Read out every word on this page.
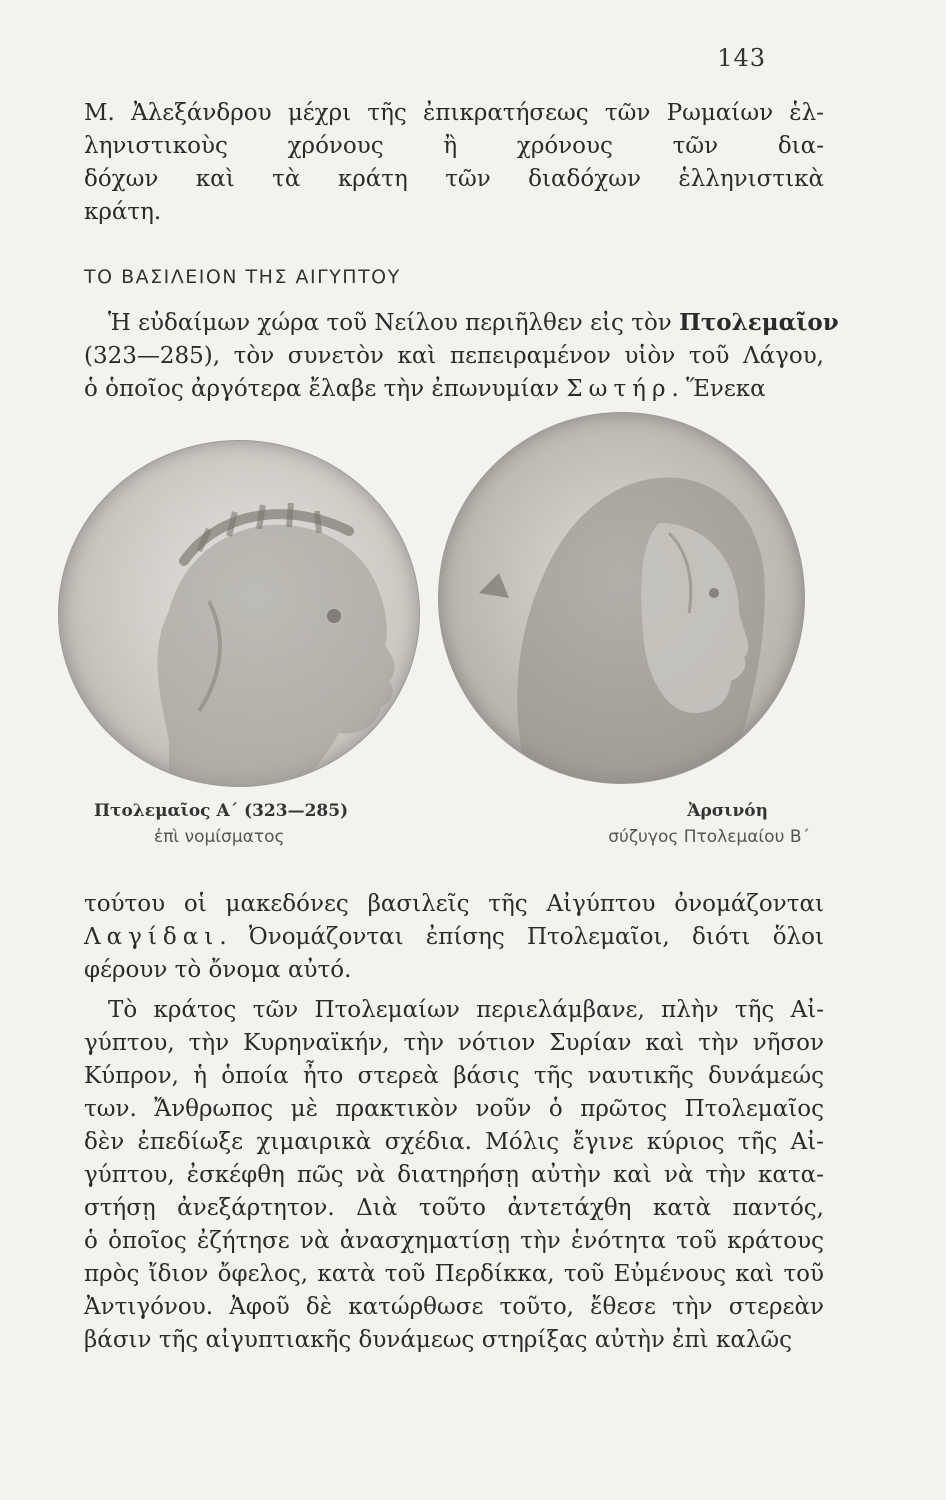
143
Μ. Ἀλεξάνδρου μέχρι τῆς ἐπικρατήσεως τῶν Ρωμαίων ἑλ-
ληνιστικοὺς χρόνους ἢ χρόνους τῶν δια-
δόχων καὶ τὰ κράτη τῶν διαδόχων ἑλληνιστικὰ
κράτη.
ΤΟ ΒΑΣΙΛΕΙΟΝ ΤΗΣ ΑΙΓΥΠΤΟΥ
Ἡ εὐδαίμων χώρα τοῦ Νείλου περιῆλθεν εἰς τὸν Πτολεμαῖον
(323—285), τὸν συνετὸν καὶ πεπειραμένον υἱὸν τοῦ Λάγου,
ὁ ὁποῖος ἀργότερα ἔλαβε τὴν ἐπωνυμίαν Σωτήρ. Ἕνεκα
Πτολεμαῖος Α΄ (323—285)
ἐπὶ νομίσματος
Ἀρσινόη
σύζυγος Πτολεμαίου Β΄
τούτου οἱ μακεδόνες βασιλεῖς τῆς Αἰγύπτου ὀνομάζονται
Λαγίδαι. Ὀνομάζονται ἐπίσης Πτολεμαῖοι, διότι ὅλοι
φέρουν τὸ ὄνομα αὐτό.
Τὸ κράτος τῶν Πτολεμαίων περιελάμβανε, πλὴν τῆς Αἰ-
γύπτου, τὴν Κυρηναϊκήν, τὴν νότιον Συρίαν καὶ τὴν νῆσον
Κύπρον, ἡ ὁποία ἦτο στερεὰ βάσις τῆς ναυτικῆς δυνάμεώς
των. Ἄνθρωπος μὲ πρακτικὸν νοῦν ὁ πρῶτος Πτολεμαῖος
δὲν ἐπεδίωξε χιμαιρικὰ σχέδια. Μόλις ἔγινε κύριος τῆς Αἰ-
γύπτου, ἐσκέφθη πῶς νὰ διατηρήσῃ αὐτὴν καὶ νὰ τὴν κατα-
στήσῃ ἀνεξάρτητον. Διὰ τοῦτο ἀντετάχθη κατὰ παντός,
ὁ ὁποῖος ἐζήτησε νὰ ἀνασχηματίσῃ τὴν ἑνότητα τοῦ κράτους
πρὸς ἴδιον ὄφελος, κατὰ τοῦ Περδίκκα, τοῦ Εὐμένους καὶ τοῦ
Ἀντιγόνου. Ἀφοῦ δὲ κατώρθωσε τοῦτο, ἔθεσε τὴν στερεὰν
βάσιν τῆς αἰγυπτιακῆς δυνάμεως στηρίξας αὐτὴν ἐπὶ καλῶς
